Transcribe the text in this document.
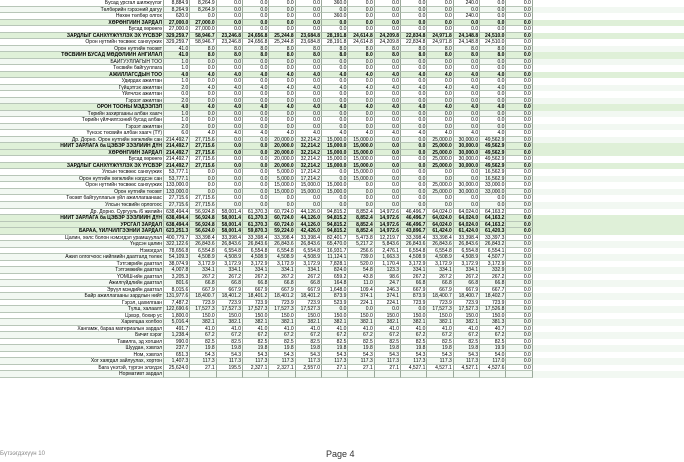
Бусад урсгал шилжүүлэг	8,884.9	8,264.9	0.0	0.0	0.0	0.0	360.0	0.0	0.0	0.0	0.0	240.0	0.0	0.0
Төлбөрийн гэрээний дагуу	8,264.9	8,264.9	0.0	0.0	0.0	0.0	0.0	0.0	0.0	0.0	0.0	0.0	0.0	0.0
Нөхөн төлбөр олгох	620.0	0.0	0.0	0.0	0.0	0.0	360.0	0.0	0.0	0.0	0.0	240.0	0.0	0.0
ХӨРӨНГИЙН ЗАРДАЛ	27,000.0	27,000.0	0.0	0.0	0.0	0.0	0.0	0.0	0.0	0.0	0.0	0.0	0.0	0.0
Бусад хөрөнгө	27,000.0	27,000.0	0.0	0.0	0.0	0.0	0.0	0.0	0.0	0.0	0.0	0.0	0.0	0.0
ЗАРДЛЫГ САНХҮҮЖҮҮЛЭХ ЭХ ҮҮСВЭР 329,259.7	58,946.7	23,246.8	24,656.8	25,244.8	23,684.8	28,191.8	24,614.8	24,209.8	22,834.8	24,971.8	24,148.8	24,510.0	0.0
Орон нутгийн төсвөөс санхүүжих 329,259.7	58,946.7	23,246.8	24,656.8	25,244.8	23,684.8	28,191.8	24,614.8	24,209.8	22,834.8	24,971.8	24,148.8	24,510.0	0.0
Орон нутгийн төсөвт	41.0	8.0	8.0	8.0	8.0	8.0	8.0	8.0	8.0	8.0	8.0	8.0	8.0	0.0
ТӨСВИЙН БУСАД МӨДӨЛИЙН АНГИЛАЛ	41.0	8.0	8.0	8.0	8.0	8.0	8.0	8.0	8.0	8.0	8.0	8.0	8.0	0.0
БАЙГУУЛЛАГЫН ТОО	1.0	0.0	0.0	0.0	0.0	0.0	0.0	0.0	0.0	0.0	0.0	0.0	0.0	0.0
Төсвийн байгууллага	1.0	0.0	0.0	0.0	0.0	0.0	0.0	0.0	0.0	0.0	0.0	0.0	0.0	0.0
АЖИЛЛАГСДЫН ТОО	4.0	4.0	4.0	4.0	4.0	4.0	4.0	4.0	4.0	4.0	4.0	4.0	4.0	0.0
Удирдах ажилтан	1.0	0.0	0.0	0.0	0.0	0.0	0.0	0.0	0.0	0.0	0.0	0.0	0.0	0.0
Гүйцэтгэх ажилтан	2.0	4.0	4.0	4.0	4.0	4.0	4.0	4.0	4.0	4.0	4.0	4.0	4.0	0.0
Үйлчлэх ажилтан	0.0	0.0	0.0	0.0	0.0	0.0	0.0	0.0	0.0	0.0	0.0	0.0	0.0	0.0
Гэрээт ажилтан	2.0	0.0	0.0	0.0	0.0	0.0	0.0	0.0	0.0	0.0	0.0	0.0	0.0	0.0
ОРОН ТООНЫ МЭДЭЭЛЭЛ	4.0	4.0	4.0	4.0	4.0	4.0	4.0	4.0	4.0	4.0	4.0	4.0	4.0	0.0
Төрийн захиргааны албан хаагч	1.0	0.0	0.0	0.0	0.0	0.0	0.0	0.0	0.0	0.0	0.0	0.0	0.0	0.0
Төрийн үйлчилгээний бусад албан	1.0	0.0	0.0	0.0	0.0	0.0	0.0	0.0	0.0	0.0	0.0	0.0	0.0	0.0
Гэрээт ажилтан	2.0	0.0	0.0	0.0	0.0	0.0	0.0	0.0	0.0	0.0	0.0	0.0	0.0	0.0
Үүнээс төсвийн албан хаагч (ТҮ)	6.0	4.0	4.0	4.0	4.0	4.0	4.0	4.0	4.0	4.0	4.0	4.0	4.0	0.0
Др. Дорно. Орон нутгийн хөгжлийн сан 214,492.7	27,715.6	0.0	0.0	20,000.0	32,214.2	15,000.0	15,000.0	0.0	0.0	25,000.0	30,000.0	49,562.9	0.0
НИЙТ ЗАРЛАГА ба ЦЭВЭР ЗЭЭЛИЙН ДҮН 214,492.7	27,715.6	0.0	0.0	20,000.0	32,214.2	15,000.0	15,000.0	0.0	0.0	25,000.0	30,000.0	49,562.9	0.0
ХӨРӨНГИЙН ЗАРДАЛ 214,492.7	27,715.6	0.0	0.0	20,000.0	32,214.2	15,000.0	15,000.0	0.0	0.0	25,000.0	30,000.0	49,562.9	0.0
Бусад хөрөнгө 214,492.7	27,715.6	0.0	0.0	20,000.0	32,214.2	15,000.0	15,000.0	0.0	0.0	25,000.0	30,000.0	49,562.9	0.0
ЗАРДЛЫГ САНХҮҮЖҮҮЛЭХ ЭХ ҮҮСВЭР 214,492.7	27,715.6	0.0	0.0	20,000.0	32,214.2	15,000.0	15,000.0	0.0	0.0	25,000.0	30,000.0	49,562.9	0.0
Улсын төсвөөс санхүүжих	53,777.1	0.0	0.0	0.0	5,000.0	17,214.2	0.0	15,000.0	0.0	0.0	0.0	0.0	16,562.9	0.0
Орон нутгийн хөгжлийн нэгдсэн сан	53,777.1	0.0	0.0	0.0	5,000.0	17,214.2	0.0	15,000.0	0.0	0.0	0.0	0.0	16,562.9	0.0
Орон нутгийн төсвөөс санхүүжих 133,000.0	0.0	0.0	0.0	15,000.0	15,000.0	15,000.0	0.0	0.0	0.0	25,000.0	30,000.0	33,000.0	0.0
Орон нутгийн төсөвт 133,000.0	0.0	0.0	0.0	15,000.0	15,000.0	15,000.0	0.0	0.0	0.0	25,000.0	30,000.0	33,000.0	0.0
Төсөвт байгууллагын үйл ажиллагаанаас	27,715.6	27,715.6	0.0	0.0	0.0	0.0	0.0	0.0	0.0	0.0	0.0	0.0	0.0	0.0
Улсын төсвийн орлогоос	27,715.6	27,715.6	0.0	0.0	0.0	0.0	0.0	0.0	0.0	0.0	0.0	0.0	0.0	0.0
Др. Дорно. Сургууль /6 жилийн 638,494.4	56,924.8	58,001.4	61,370.3	60,724.0	44,126.0	94,815.2	8,852.4	14,972.6	46,496.7	64,024.0	64,024.0	64,163.2	0.0
НИЙТ ЗАРЛАГА ба ЦЭВЭР ЗЭЭЛИЙН ДҮН 638,494.4	56,924.8	58,001.4	61,370.3	60,724.0	44,126.0	94,815.2	8,852.4	14,972.6	46,496.7	64,024.0	64,024.0	64,163.2	0.0
УРСГАЛ ЗАРДАЛ 638,494.4	56,924.8	58,001.4	61,370.3	60,724.0	44,126.0	94,815.2	8,852.4	14,972.6	46,496.7	64,024.0	64,024.0	64,163.2	0.0
БАРАА, ҮЙЛЧИЛГЭЭНИЙ ЗАРДАЛ 623,251.3	56,624.0	58,001.4	59,870.3	59,224.0	42,426.0	94,815.2	8,852.4	14,972.6	43,896.7	61,424.0	61,424.0	61,420.3	0.0
Цалин, хөлс болон нэмэгдэл урамшуулал 400,779.7	33,398.4	33,398.4	33,398.4	33,398.4	33,398.4	82,401.7	5,473.8	12,219.7	33,398.4	33,398.4	33,398.4	33,397.3	0.0
Үндсэн цалин 322,122.6	26,843.6	26,843.6	26,843.6	26,843.6	26,843.6	65,470.0	5,217.2	5,843.6	26,843.6	26,843.6	26,843.6	26,843.2	0.0
Нэмэгдэл	78,656.8	6,554.8	6,554.8	6,554.8	6,554.8	6,554.8	16,931.7	256.6	2,476.1	6,554.8	6,554.8	6,554.8	6,554.1	0.0
Ажил олгогчоос нийгмийн даатгалд төлөх	54,109.3	4,508.9	4,508.9	4,508.9	4,508.9	4,508.9	11,124.1	739.0	1,663.3	4,508.9	4,508.9	4,508.9	4,507.7	0.0
Тэтгэврийн даатгал	38,074.9	3,172.9	3,172.9	3,172.9	3,172.9	3,172.9	7,828.1	520.0	1,170.4	3,172.9	3,172.9	3,172.9	3,172.9	0.0
Тэтгэмжийн даатгал	4,007.8	334.1	334.1	334.1	334.1	334.1	824.0	54.8	123.3	334.1	334.1	334.1	332.9	0.0
ҮОМШ-ийн даатгал	3,205.3	267.2	267.2	267.2	267.2	267.2	659.2	43.8	98.6	267.2	267.2	267.2	267.2	0.0
Ажилгүйдлийн даатгал	801.6	66.8	66.8	66.8	66.8	66.8	164.8	11.0	24.7	66.8	66.8	66.8	66.8	0.0
Эрүүл мэндийн даатгал	8,015.6	667.9	667.9	667.9	667.9	667.9	1,648.0	109.4	246.3	667.9	667.9	667.9	667.7	0.0
Байр ажиллагааны зардлын нийт 131,977.6	18,400.7	18,401.2	18,401.2	18,401.2	18,401.2	873.9	374.1	374.1	873.9	18,400.7	18,400.7	18,402.7	0.0
Гэрэл, цахилгаан	7,487.2	723.9	723.9	723.9	723.9	723.9	523.9	224.1	224.1	723.9	723.9	723.9	723.9	0.0
Түлш, халаалт 122,690.6	17,527.3	17,527.3	17,527.3	17,527.3	17,527.3	0.0	0.0	0.0	0.0	17,527.3	17,527.3	17,526.8	0.0
Цэвэр, бохир ус	1,800.0	150.0	150.0	150.0	150.0	150.0	150.0	150.0	150.0	150.0	150.0	150.0	150.0	0.0
Харилцаа холбоо	5,016.4	382.1	382.1	382.1	382.1	382.1	382.1	382.1	382.1	382.1	382.1	382.1	381.3	0.0
Хангамж, бараа материалын зардал	491.7	41.0	41.0	41.0	41.0	41.0	41.0	41.0	41.0	41.0	41.0	41.0	40.7	0.0
Бичиг хэрэг	1,238.4	67.2	67.2	67.2	67.2	67.2	67.2	67.2	67.2	67.2	67.2	67.2	67.2	0.0
Тавилга, эд хогшил	990.0	82.5	82.5	82.5	82.5	82.5	82.5	82.5	82.5	82.5	82.5	82.5	82.5	0.0
Шуудан, хэвлэл	237.7	19.8	19.8	19.8	19.8	19.8	19.8	19.8	19.8	19.8	19.8	19.8	19.9	0.0
Ном, хэвлэл	651.3	54.3	54.3	54.3	54.3	54.3	54.3	54.3	54.3	54.3	54.3	54.3	54.0	0.0
Хог хаягдал зайлуулах, хортон	1,407.3	117.3	117.3	117.3	117.3	117.3	117.3	117.3	117.3	117.3	117.3	117.3	117.0	0.0
Бага үнэтэй, түргэн элэгдэх	25,624.0	27.1	195.5	2,327.1	2,327.1	2,557.0	27.1	27.1	27.1	4,527.1	4,527.1	4,527.1	4,527.6	0.0
Нормативт зардал
Бүтээгдэхүүн 10	Page 4
